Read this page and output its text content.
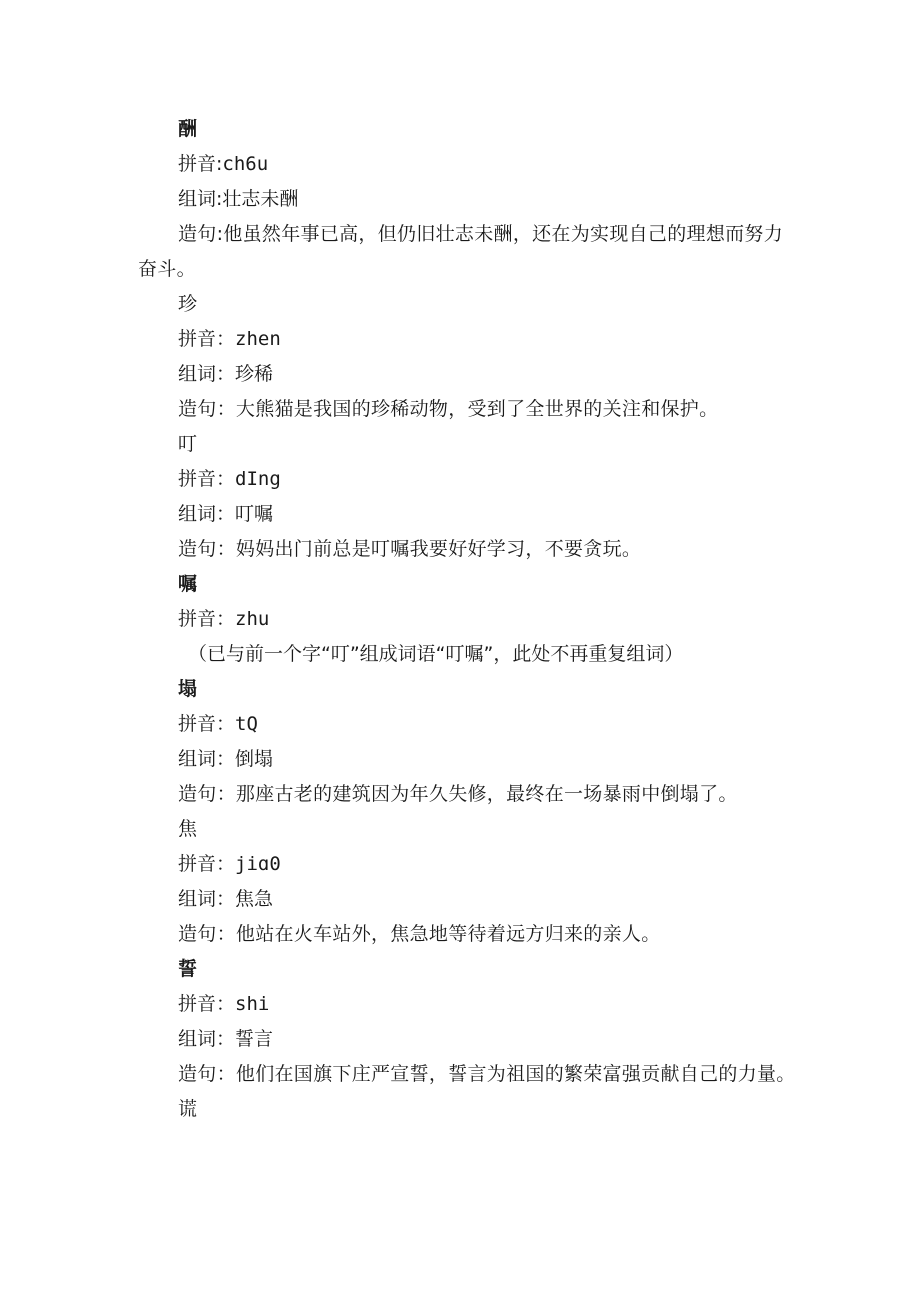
酬
拼音:ch6u
组词:壮志未酬
造句:他虽然年事已高，但仍旧壮志未酬，还在为实现自己的理想而努力奋斗。
珍
拼音：zhen
组词：珍稀
造句：大熊猫是我国的珍稀动物，受到了全世界的关注和保护。
叮
拼音：dIng
组词：叮嘱
造句：妈妈出门前总是叮嘱我要好好学习，不要贪玩。
嘱
拼音：zhu
（已与前一个字“叮”组成词语“叮嘱”，此处不再重复组词）
塌
拼音：tQ
组词：倒塌
造句：那座古老的建筑因为年久失修，最终在一场暴雨中倒塌了。
焦
拼音：jiɑ0
组词：焦急
造句：他站在火车站外，焦急地等待着远方归来的亲人。
誓
拼音：shi
组词：誓言
造句：他们在国旗下庄严宣誓，誓言为祖国的繁荣富强贡献自己的力量。
谎
